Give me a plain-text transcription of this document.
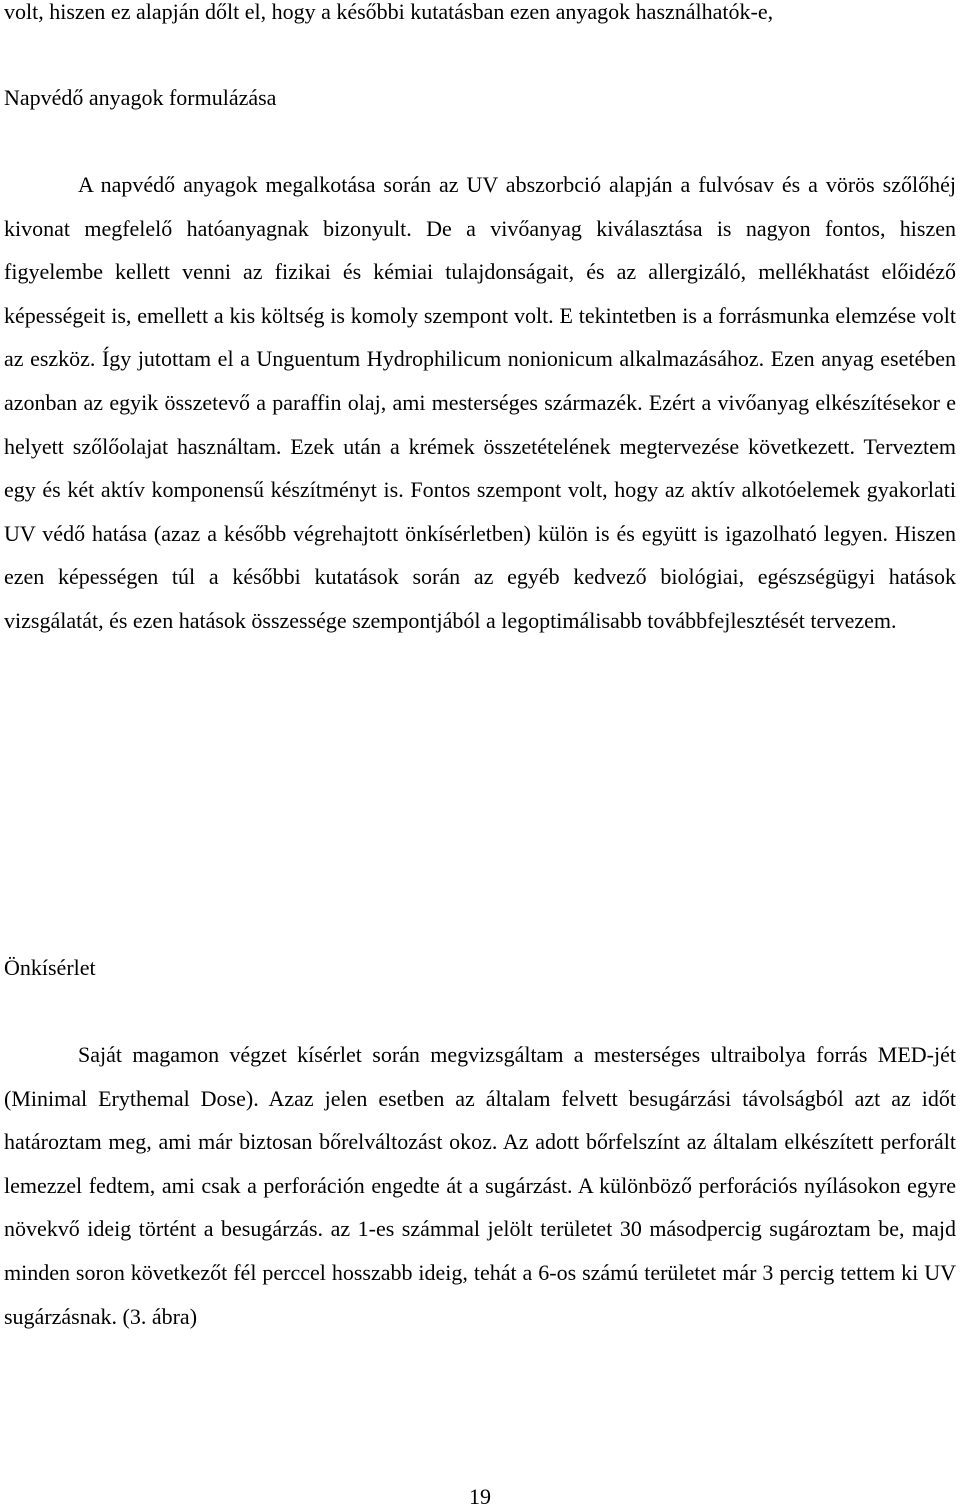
volt, hiszen ez alapján dőlt el, hogy a későbbi kutatásban ezen anyagok használhatók-e,

Napvédő anyagok formulázása

A napvédő anyagok megalkotása során az UV abszorbció alapján a fulvósav és a vörös szőlőhéj kivonat megfelelő hatóanyagnak bizonyult. De a vivőanyag kiválasztása is nagyon fontos, hiszen figyelembe kellett venni az fizikai és kémiai tulajdonságait, és az allergizáló, mellékhatást előidéző képességeit is, emellett a kis költség is komoly szempont volt. E tekintetben is a forrásmunka elemzése volt az eszköz. Így jutottam el a Unguentum Hydrophilicum nonionicum alkalmazásához. Ezen anyag esetében azonban az egyik összetevő a paraffin olaj, ami mesterséges származék. Ezért a vivőanyag elkészítésekor e helyett szőlőolajat használtam. Ezek után a krémek összetételének megtervezése következett. Terveztem egy és két aktív komponensű készítményt is. Fontos szempont volt, hogy az aktív alkotóelemek gyakorlati UV védő hatása (azaz a később végrehajtott önkísérletben) külön is és együtt is igazolható legyen. Hiszen ezen képességen túl a későbbi kutatások során az egyéb kedvező biológiai, egészségügyi hatások vizsgálatát, és ezen hatások összessége szempontjából a legoptimálisabb továbbfejlesztését tervezem.

Önkísérlet

Saját magamon végzet kísérlet során megvizsgáltam a mesterséges ultraibolya forrás MED-jét (Minimal Erythemal Dose). Azaz jelen esetben az általam felvett besugárzási távolságból azt az időt határoztam meg, ami már biztosan bőrelváltozást okoz. Az adott bőrfelszínt az általam elkészített perforált lemezzel fedtem, ami csak a perforáción engedte át a sugárzást. A különböző perforációs nyílásokon egyre növekvő ideig történt a besugárzás. az 1-es számmal jelölt területet 30 másodpercig sugároztam be, majd minden soron következőt fél perccel hosszabb ideig, tehát a 6-os számú területet már 3 percig tettem ki UV sugárzásnak. (3. ábra)

19
